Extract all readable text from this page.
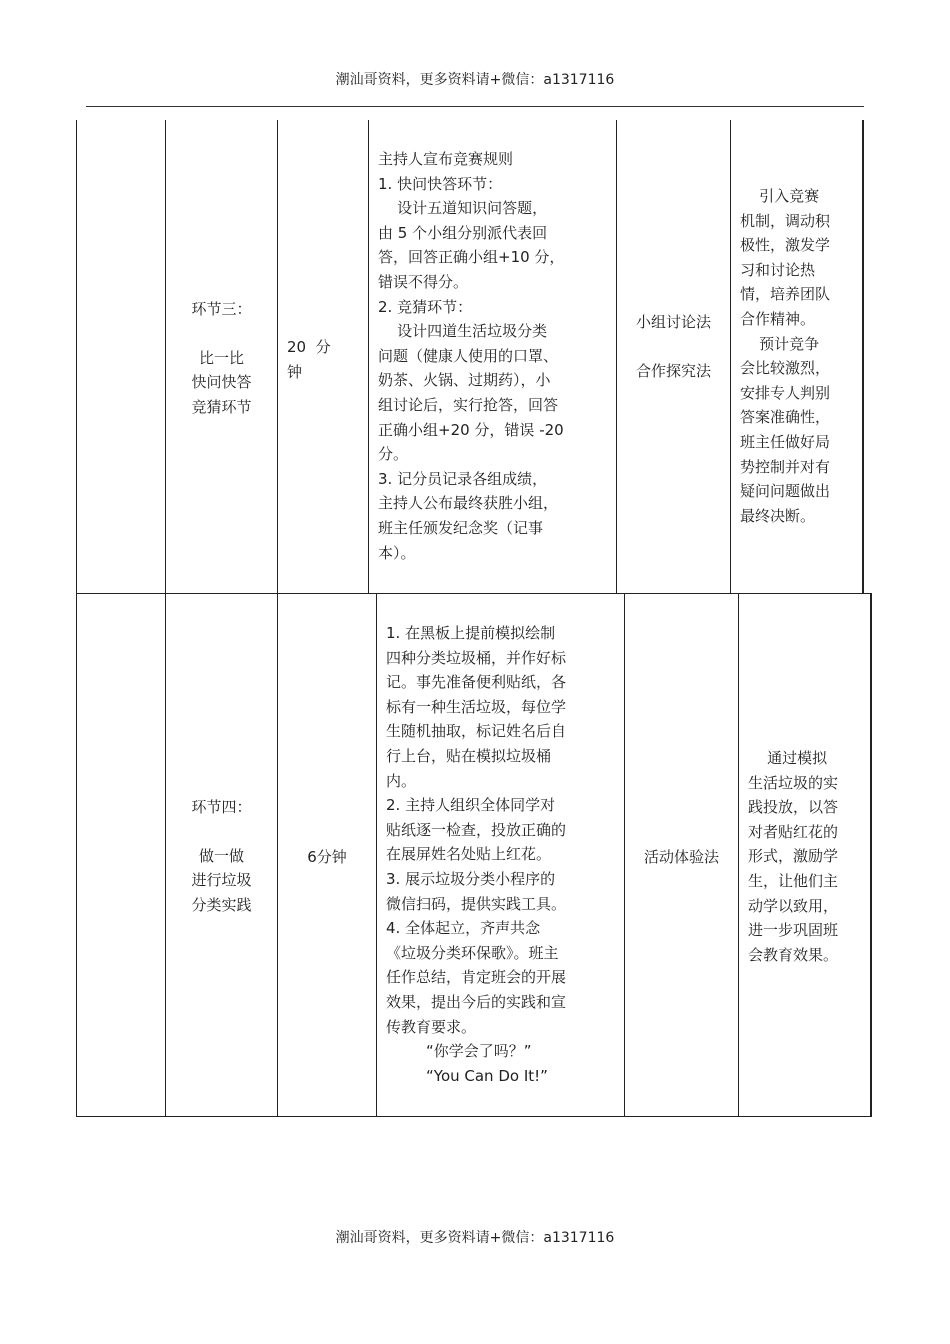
潮汕哥资料，更多资料请+微信：a1317116
环节三：
比一比
快问快答
竞猜环节
20  分
钟
主持人宣布竞赛规则
1. 快问快答环节：
设计五道知识问答题，
由 5 个小组分别派代表回
答，回答正确小组+10 分，
错误不得分。
2. 竞猜环节：
设计四道生活垃圾分类
问题（健康人使用的口罩、
奶茶、火锅、过期药），小
组讨论后，实行抢答，回答
正确小组+20 分，错误 -20
分。
3. 记分员记录各组成绩，
主持人公布最终获胜小组，
班主任颁发纪念奖（记事
本）。
小组讨论法
合作探究法
引入竞赛
机制，调动积
极性，激发学
习和讨论热
情，培养团队
合作精神。
预计竞争
会比较激烈，
安排专人判别
答案准确性，
班主任做好局
势控制并对有
疑问问题做出
最终决断。
环节四：
做一做
进行垃圾
分类实践
6分钟
1. 在黑板上提前模拟绘制
四种分类垃圾桶，并作好标
记。事先准备便利贴纸，各
标有一种生活垃圾，每位学
生随机抽取，标记姓名后自
行上台，贴在模拟垃圾桶
内。
2. 主持人组织全体同学对
贴纸逐一检查，投放正确的
在展屏姓名处贴上红花。
3. 展示垃圾分类小程序的
微信扫码，提供实践工具。
4. 全体起立，齐声共念
《垃圾分类环保歌》。班主
任作总结，肯定班会的开展
效果，提出今后的实践和宣
传教育要求。
“你学会了吗？”
“You Can Do It!”
活动体验法
通过模拟
生活垃圾的实
践投放，以答
对者贴红花的
形式，激励学
生，让他们主
动学以致用，
进一步巩固班
会教育效果。
潮汕哥资料，更多资料请+微信：a1317116
